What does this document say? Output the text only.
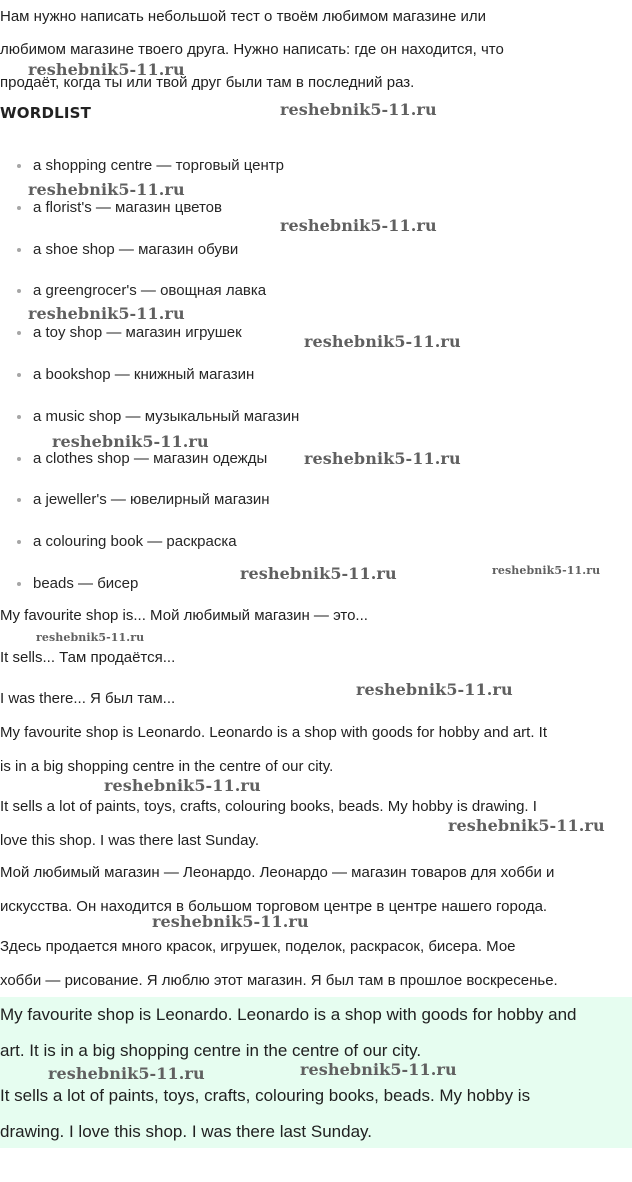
Нам нужно написать небольшой тест о твоём любимом магазине или

любимом магазине твоего друга. Нужно написать: где он находится, что

продаёт, когда ты или твой друг были там в последний раз.

WORDLIST
a shopping centre — торговый центр
a florist's — магазин цветов
a shoe shop — магазин обуви
a greengrocer's — овощная лавка
a toy shop — магазин игрушек
a bookshop — книжный магазин
a music shop — музыкальный магазин
a clothes shop — магазин одежды
a jeweller's — ювелирный магазин
a colouring book — раскраска
beads — бисер

My favourite shop is... Мой любимый магазин — это...

It sells... Там продаётся...

I was there... Я был там...

My favourite shop is Leonardo. Leonardo is a shop with goods for hobby and art. It
is in a big shopping centre in the centre of our city.

It sells a lot of paints, toys, crafts, colouring books, beads. My hobby is drawing. I
love this shop. I was there last Sunday.

Мой любимый магазин — Леонардо. Леонардо — магазин товаров для хобби и
искусства. Он находится в большом торговом центре в центре нашего города.

Здесь продается много красок, игрушек, поделок, раскрасок, бисера. Мое
хобби — рисование. Я люблю этот магазин. Я был там в прошлое воскресенье.

My favourite shop is Leonardo. Leonardo is a shop with goods for hobby and
art. It is in a big shopping centre in the centre of our city.

It sells a lot of paints, toys, crafts, colouring books, beads. My hobby is
drawing. I love this shop. I was there last Sunday.

reshebnik5-11.ru
reshebnik5-11.ru
reshebnik5-11.ru
reshebnik5-11.ru
reshebnik5-11.ru
reshebnik5-11.ru
reshebnik5-11.ru
reshebnik5-11.ru
reshebnik5-11.ru	reshebnik5-11.ru
reshebnik5-11.ru
reshebnik5-11.ru
reshebnik5-11.ru
reshebnik5-11.ru
reshebnik5-11.ru
reshebnik5-11.ru	reshebnik5-11.ru
